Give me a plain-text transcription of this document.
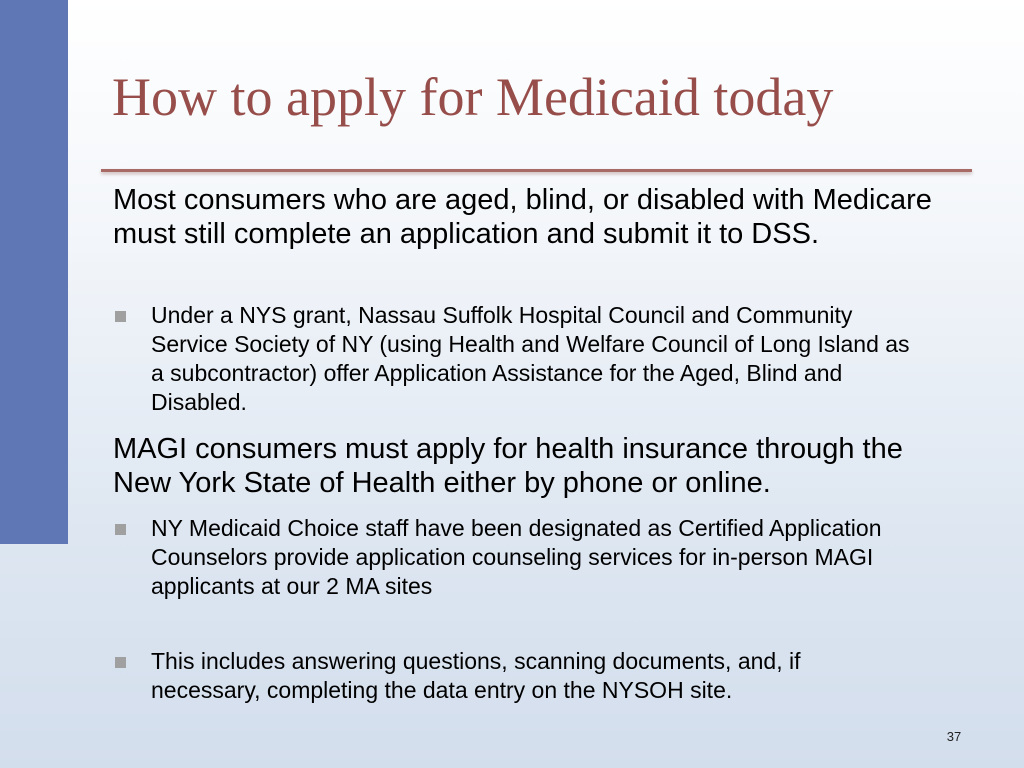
How to apply for Medicaid today

Most consumers who are aged, blind, or disabled with Medicare must still complete an application and submit it to DSS.

Under a NYS grant, Nassau Suffolk Hospital Council and Community Service Society of NY (using Health and Welfare Council of Long Island as a subcontractor) offer Application Assistance for the Aged, Blind and Disabled.

MAGI consumers must apply for health insurance through the New York State of Health either by phone or online.

NY Medicaid Choice staff have been designated as Certified Application Counselors provide application counseling services for in-person MAGI applicants at our 2 MA sites
This includes answering questions, scanning documents, and, if necessary, completing the data entry on the NYSOH site.
37
